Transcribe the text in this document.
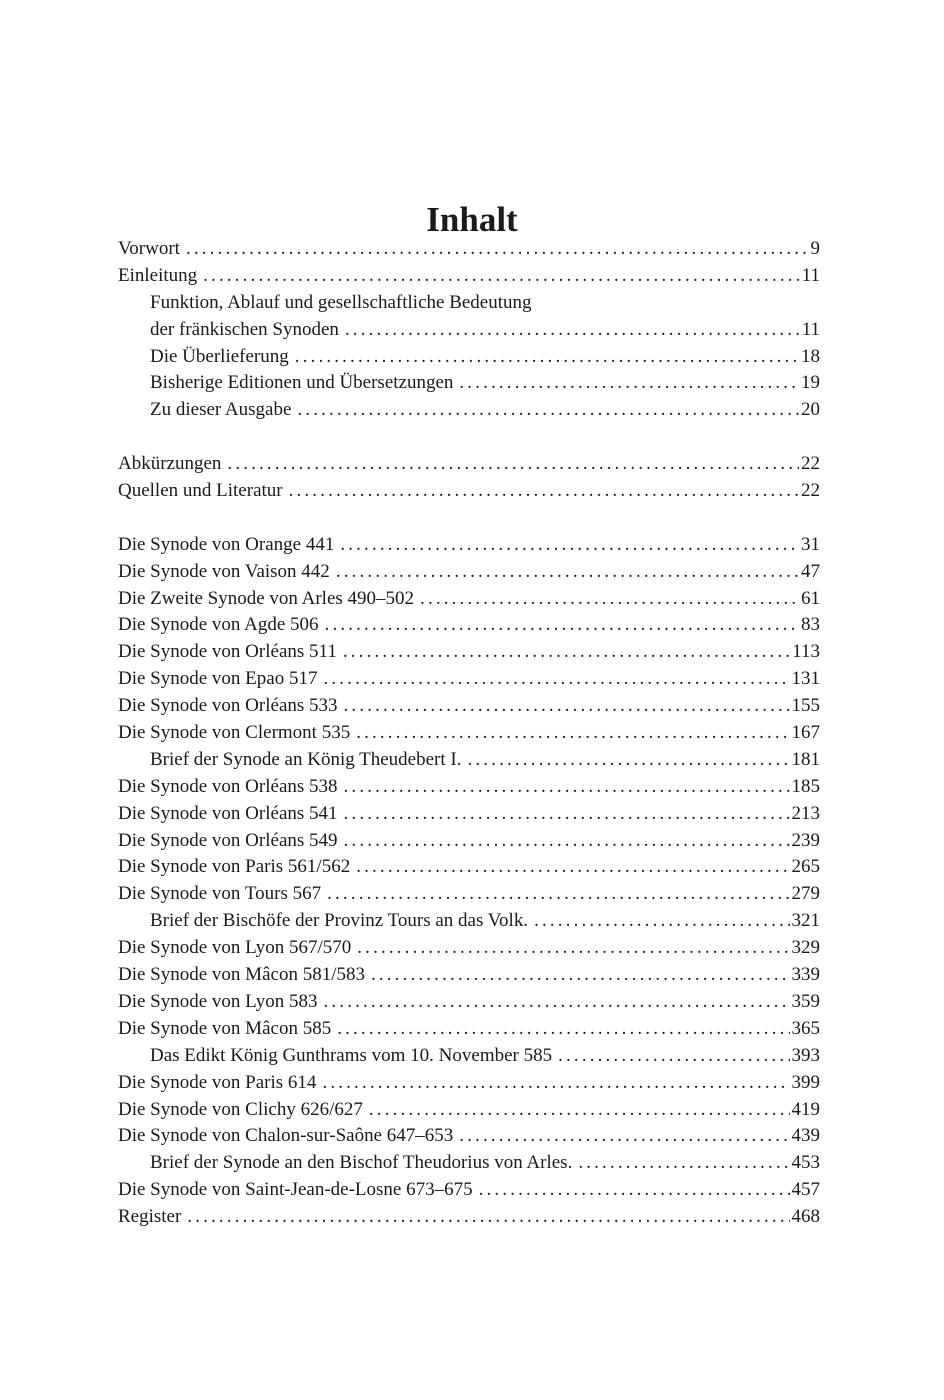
Inhalt
Vorwort . . .	9
Einleitung . . .	11
Funktion, Ablauf und gesellschaftliche Bedeutung
der fränkischen Synoden . . .	11
Die Überlieferung . . .	18
Bisherige Editionen und Übersetzungen . . .	19
Zu dieser Ausgabe . . .	20
Abkürzungen . . .	22
Quellen und Literatur . . .	22
Die Synode von Orange 441 . . .	31
Die Synode von Vaison 442 . . .	47
Die Zweite Synode von Arles 490–502 . . .	61
Die Synode von Agde 506 . . .	83
Die Synode von Orléans 511 . . .	113
Die Synode von Epao 517 . . .	131
Die Synode von Orléans 533 . . .	155
Die Synode von Clermont 535 . . .	167
Brief der Synode an König Theudebert I. . . .	181
Die Synode von Orléans 538 . . .	185
Die Synode von Orléans 541 . . .	213
Die Synode von Orléans 549 . . .	239
Die Synode von Paris 561/562 . . .	265
Die Synode von Tours 567 . . .	279
Brief der Bischöfe der Provinz Tours an das Volk. . . .	321
Die Synode von Lyon 567/570 . . .	329
Die Synode von Mâcon 581/583 . . .	339
Die Synode von Lyon 583 . . .	359
Die Synode von Mâcon 585 . . .	365
Das Edikt König Gunthrams vom 10. November 585 . . .	393
Die Synode von Paris 614 . . .	399
Die Synode von Clichy 626/627 . . .	419
Die Synode von Chalon-sur-Saône 647–653 . . .	439
Brief der Synode an den Bischof Theudorius von Arles. . . .	453
Die Synode von Saint-Jean-de-Losne 673–675 . . .	457
Register . . .	468
